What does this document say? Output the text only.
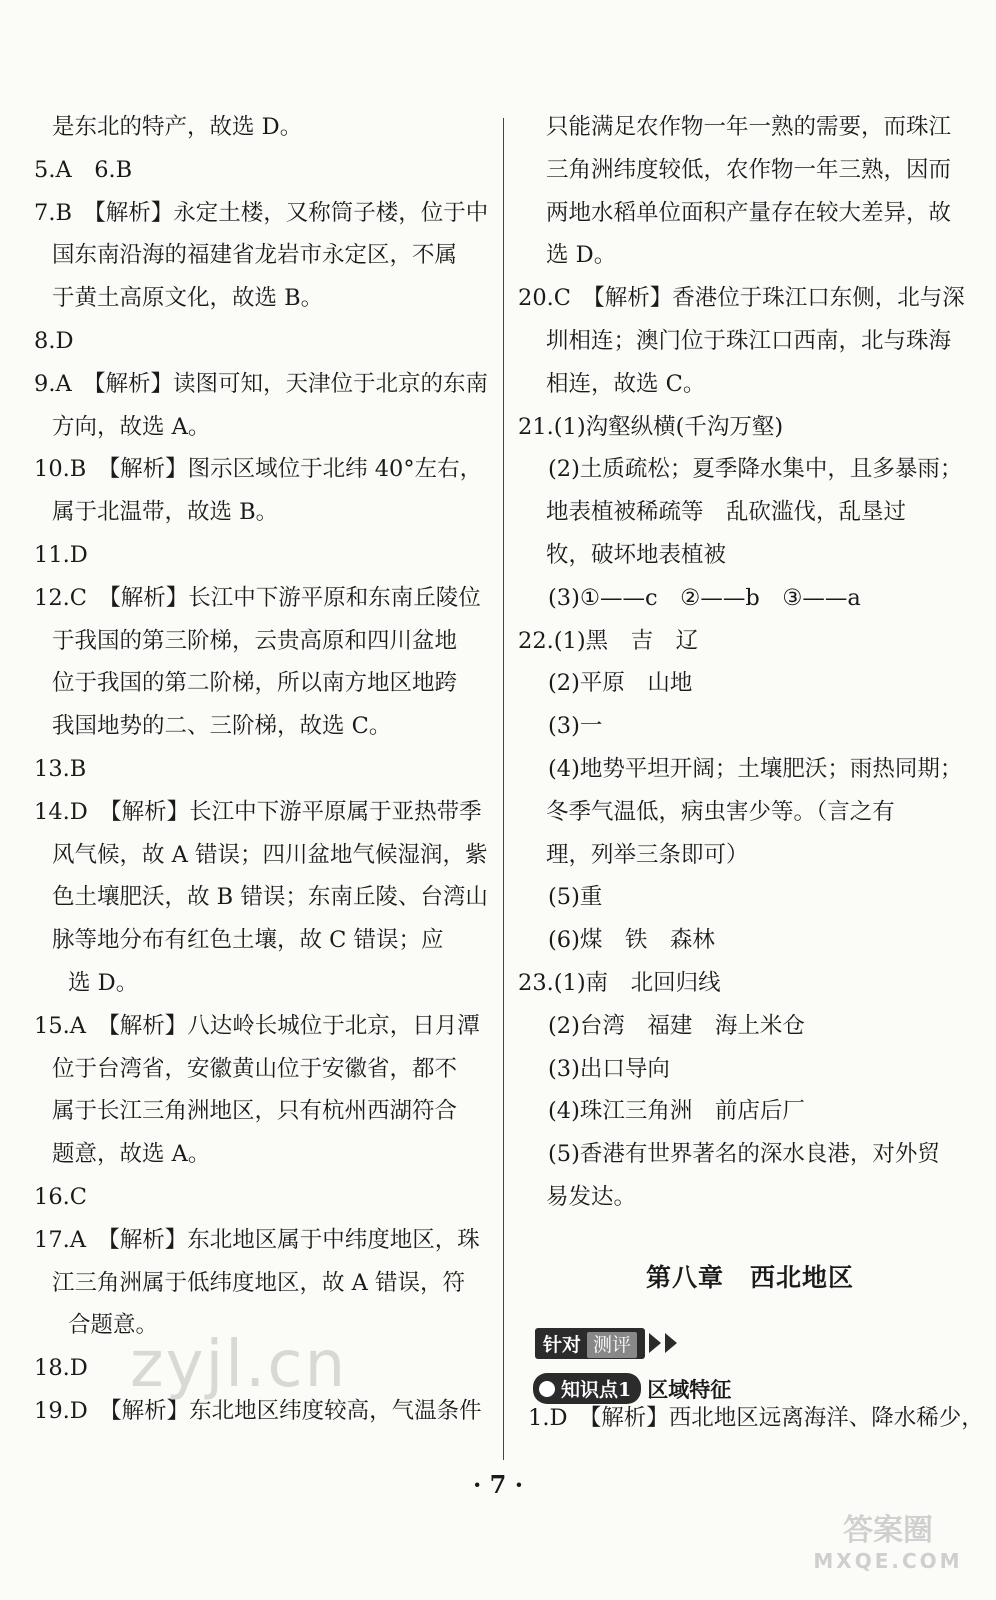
是东北的特产，故选 D。
5.A　6.B
7.B　【解析】永定土楼，又称筒子楼，位于中
国东南沿海的福建省龙岩市永定区，不属
于黄土高原文化，故选 B。
8.D
9.A　【解析】读图可知，天津位于北京的东南
方向，故选 A。
10.B　【解析】图示区域位于北纬 40°左右，
属于北温带，故选 B。
11.D
12.C　【解析】长江中下游平原和东南丘陵位
于我国的第三阶梯，云贵高原和四川盆地
位于我国的第二阶梯，所以南方地区地跨
我国地势的二、三阶梯，故选 C。
13.B
14.D　【解析】长江中下游平原属于亚热带季
风气候，故 A 错误；四川盆地气候湿润，紫
色土壤肥沃，故 B 错误；东南丘陵、台湾山
脉等地分布有红色土壤，故 C 错误；应
选 D。
15.A　【解析】八达岭长城位于北京，日月潭
位于台湾省，安徽黄山位于安徽省，都不
属于长江三角洲地区，只有杭州西湖符合
题意，故选 A。
16.C
17.A　【解析】东北地区属于中纬度地区，珠
江三角洲属于低纬度地区，故 A 错误，符
合题意。
18.D
19.D　【解析】东北地区纬度较高，气温条件
只能满足农作物一年一熟的需要，而珠江
三角洲纬度较低，农作物一年三熟，因而
两地水稻单位面积产量存在较大差异，故
选 D。
20.C　【解析】香港位于珠江口东侧，北与深
圳相连；澳门位于珠江口西南，北与珠海
相连，故选 C。
21.(1)沟壑纵横(千沟万壑)
(2)土质疏松；夏季降水集中，且多暴雨；
地表植被稀疏等　乱砍滥伐，乱垦过
牧，破坏地表植被
(3)①——c　②——b　③——a
22.(1)黑　吉　辽
(2)平原　山地
(3)一
(4)地势平坦开阔；土壤肥沃；雨热同期；
冬季气温低，病虫害少等。（言之有
理，列举三条即可）
(5)重
(6)煤　铁　森林
23.(1)南　北回归线
(2)台湾　福建　海上米仓
(3)出口导向
(4)珠江三角洲　前店后厂
(5)香港有世界著名的深水良港，对外贸
易发达。
第八章　西北地区
针对 测评
知识点1 区域特征
1.D　【解析】西北地区远离海洋、降水稀少，
· 7 ·
zyjl.cn
答案圈
MXQE.COM
